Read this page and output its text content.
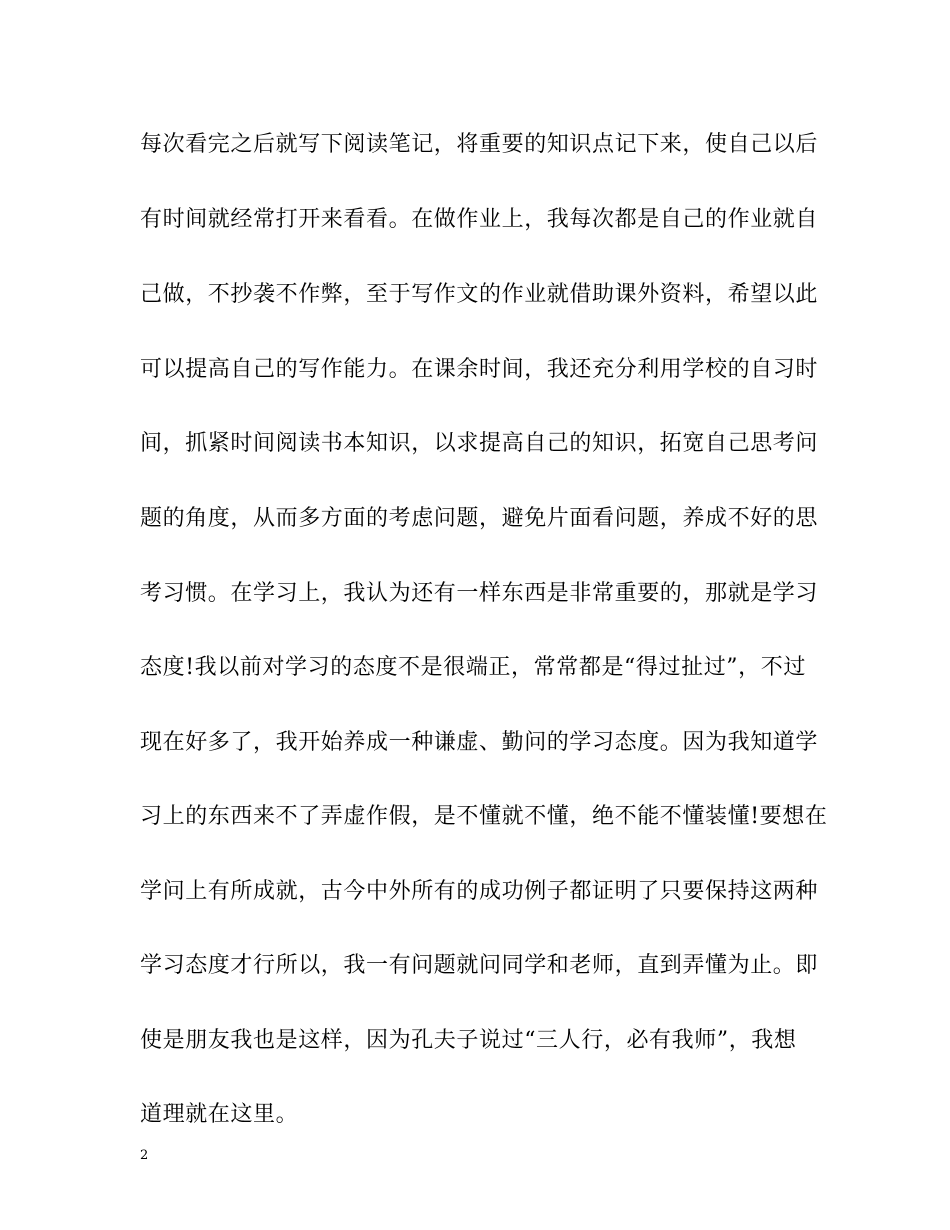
每次看完之后就写下阅读笔记，将重要的知识点记下来，使自己以后
有时间就经常打开来看看。在做作业上，我每次都是自己的作业就自
己做，不抄袭不作弊，至于写作文的作业就借助课外资料，希望以此
可以提高自己的写作能力。在课余时间，我还充分利用学校的自习时
间，抓紧时间阅读书本知识，以求提高自己的知识，拓宽自己思考问
题的角度，从而多方面的考虑问题，避免片面看问题，养成不好的思
考习惯。在学习上，我认为还有一样东西是非常重要的，那就是学习
态度!我以前对学习的态度不是很端正，常常都是“得过扯过”，不过
现在好多了，我开始养成一种谦虚、勤问的学习态度。因为我知道学
习上的东西来不了弄虚作假，是不懂就不懂，绝不能不懂装懂!要想在
学问上有所成就，古今中外所有的成功例子都证明了只要保持这两种
学习态度才行所以，我一有问题就问同学和老师，直到弄懂为止。即
使是朋友我也是这样，因为孔夫子说过“三人行，必有我师”，我想
道理就在这里。
2
